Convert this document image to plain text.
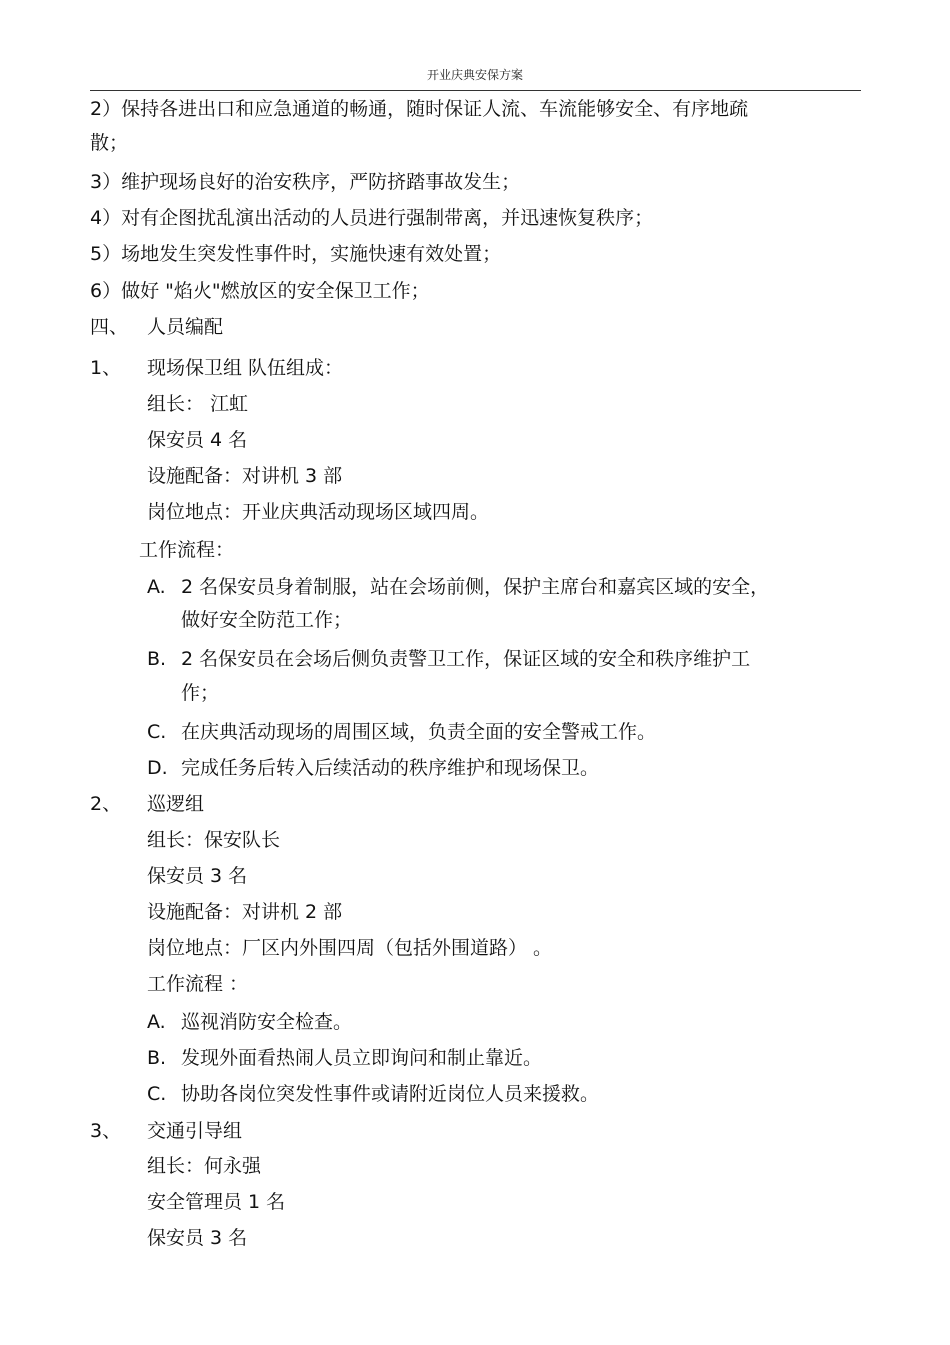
开业庆典安保方案
2）保持各进出口和应急通道的畅通，随时保证人流、车流能够安全、有序地疏
散；
3）维护现场良好的治安秩序，严防挤踏事故发生；
4）对有企图扰乱演出活动的人员进行强制带离，并迅速恢复秩序；
5）场地发生突发性事件时，实施快速有效处置；
6）做好 "焰火"燃放区的安全保卫工作；
四、 人员编配
1、 现场保卫组 队伍组成：
组长： 江虹
保安员 4 名
设施配备：对讲机 3 部
岗位地点：开业庆典活动现场区域四周。
工作流程：
A. 2 名保安员身着制服，站在会场前侧，保护主席台和嘉宾区域的安全，
做好安全防范工作；
B. 2 名保安员在会场后侧负责警卫工作，保证区域的安全和秩序维护工
作；
C. 在庆典活动现场的周围区域，负责全面的安全警戒工作。
D. 完成任务后转入后续活动的秩序维护和现场保卫。
2、 巡逻组
组长：保安队长
保安员 3 名
设施配备：对讲机 2 部
岗位地点：厂区内外围四周（包括外围道路） 。
工作流程 ：
A. 巡视消防安全检查。
B. 发现外面看热闹人员立即询问和制止靠近。
C. 协助各岗位突发性事件或请附近岗位人员来援救。
3、 交通引导组
组长：何永强
安全管理员 1 名
保安员 3 名
